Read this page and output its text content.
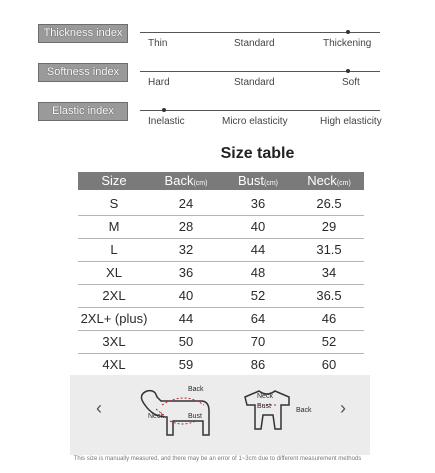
Thickness index
Thin	Standard	Thickening
Softness index
Hard	Standard	Soft
Elastic index
Inelastic	Micro elasticity	High elasticity
Size table
Size	Back(cm)	Bust(cm)	Neck(cm)
S	24	36	26.5
M	28	40	29
L	32	44	31.5
XL	36	48	34
2XL	40	52	36.5
2XL+ (plus)	44	64	46
3XL	50	70	52
4XL	59	86	60
Back
Neck	Bust
Neck
Bust
Back
‹	›
This size is manually measured, and there may be an error of 1~3cm due to different measurement methods
